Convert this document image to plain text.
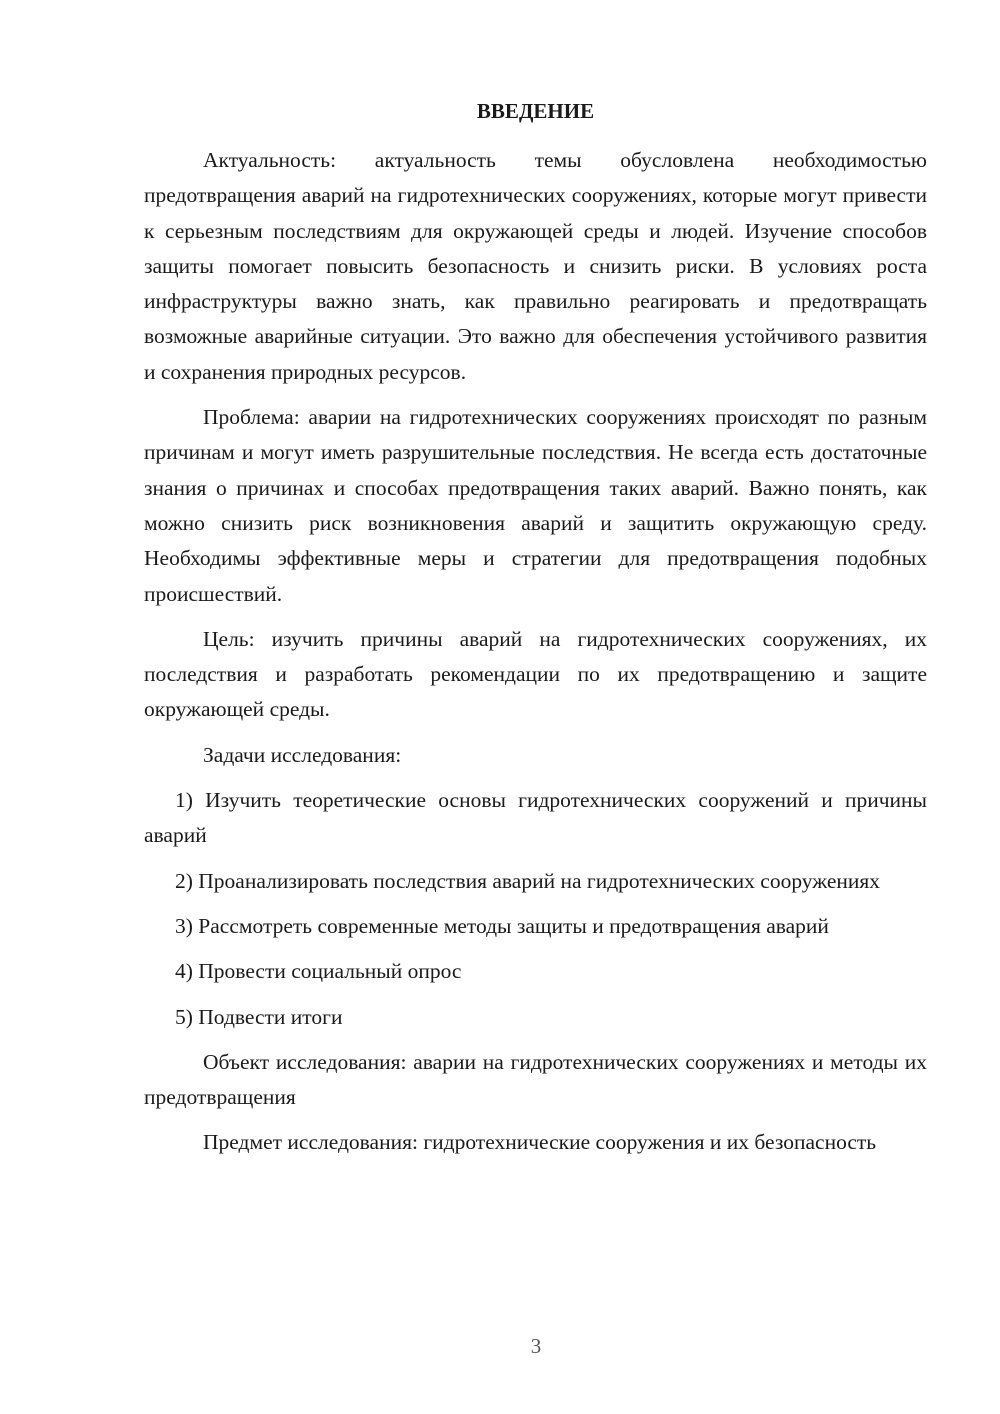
ВВЕДЕНИЕ

Актуальность: актуальность темы обусловлена необходимостью предотвращения аварий на гидротехнических сооружениях, которые могут привести к серьезным последствиям для окружающей среды и людей. Изучение способов защиты помогает повысить безопасность и снизить риски. В условиях роста инфраструктуры важно знать, как правильно реагировать и предотвращать возможные аварийные ситуации. Это важно для обеспечения устойчивого развития и сохранения природных ресурсов.

Проблема: аварии на гидротехнических сооружениях происходят по разным причинам и могут иметь разрушительные последствия. Не всегда есть достаточные знания о причинах и способах предотвращения таких аварий. Важно понять, как можно снизить риск возникновения аварий и защитить окружающую среду. Необходимы эффективные меры и стратегии для предотвращения подобных происшествий.

Цель: изучить причины аварий на гидротехнических сооружениях, их последствия и разработать рекомендации по их предотвращению и защите окружающей среды.

Задачи исследования:

1) Изучить теоретические основы гидротехнических сооружений и причины аварий

2) Проанализировать последствия аварий на гидротехнических сооружениях

3) Рассмотреть современные методы защиты и предотвращения аварий

4) Провести социальный опрос

5) Подвести итоги

Объект исследования: аварии на гидротехнических сооружениях и методы их предотвращения

Предмет исследования: гидротехнические сооружения и их безопасность

3
